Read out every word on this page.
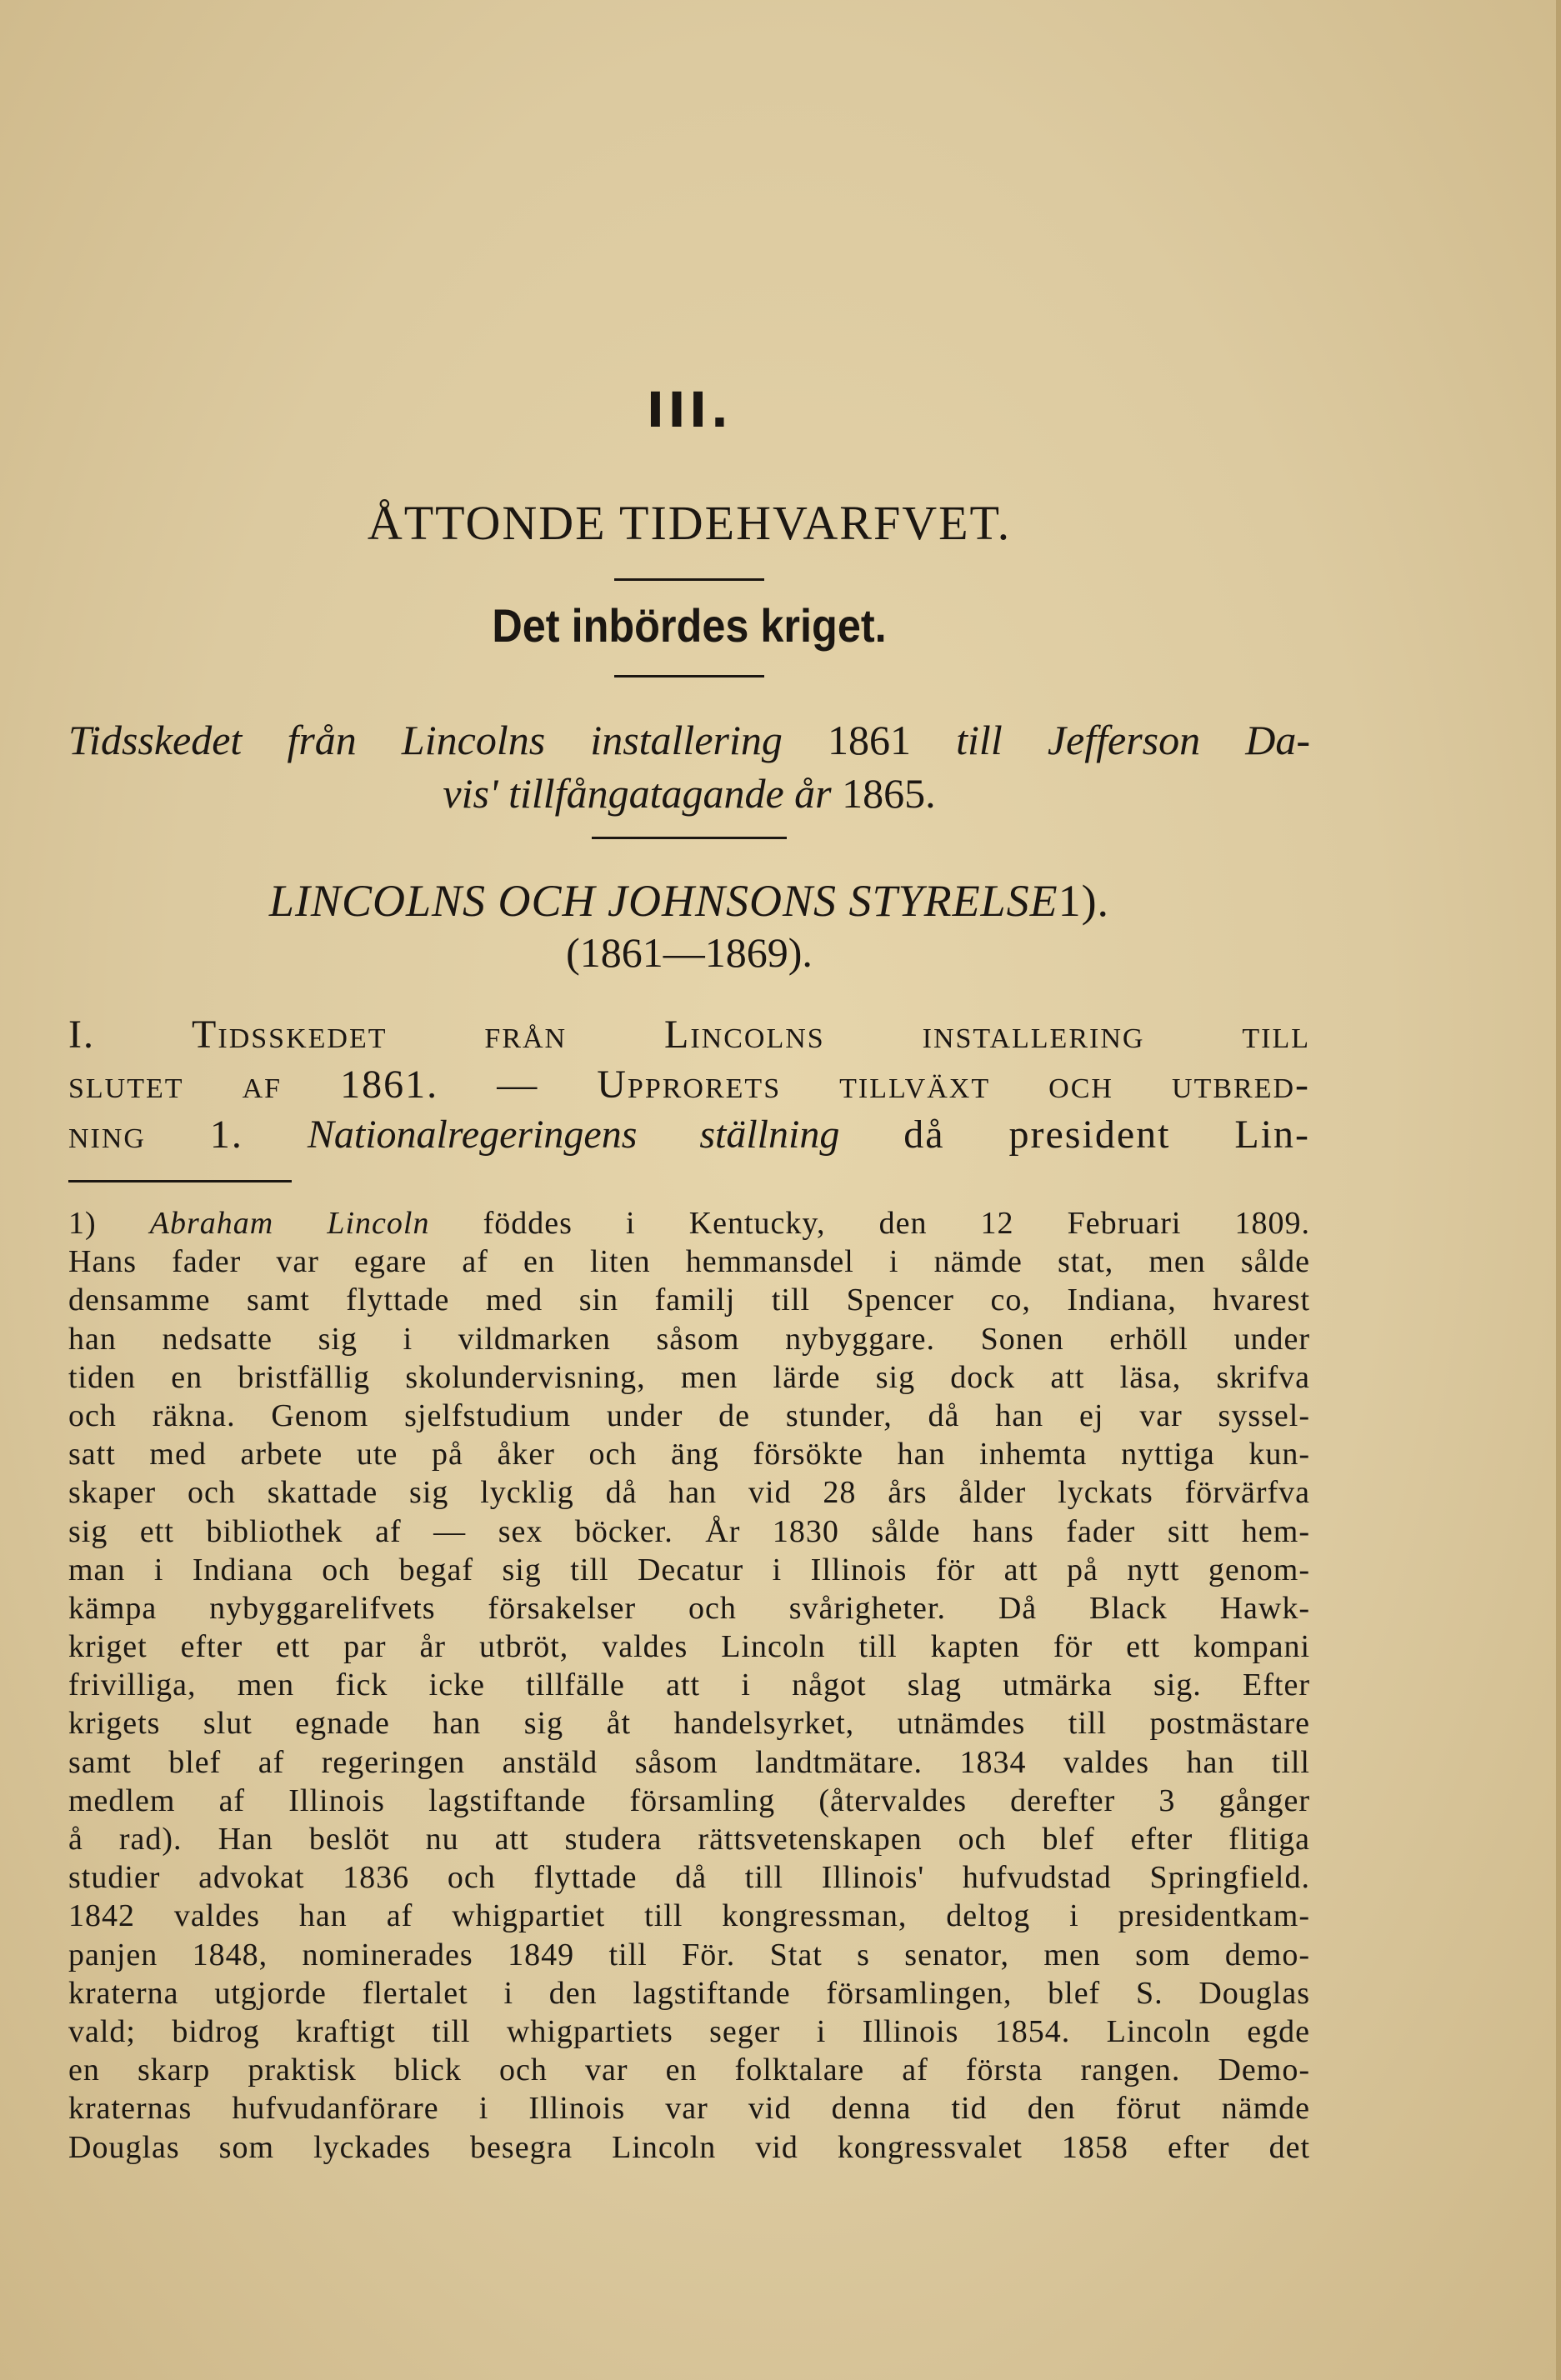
III.
ÅTTONDE TIDEHVARFVET.
Det inbördes kriget.
Tidsskedet från Lincolns installering 1861 till Jefferson Da-
vis' tillfångatagande år 1865.
LINCOLNS OCH JOHNSONS STYRELSE1).
(1861—1869).
I. Tidsskedet från Lincolns installering till
slutet af 1861. — Upprorets tillväxt och utbred-
ning 1. Nationalregeringens ställning då president Lin-
1) Abraham Lincoln föddes i Kentucky, den 12 Februari 1809.
Hans fader var egare af en liten hemmansdel i nämde stat, men sålde
densamme samt flyttade med sin familj till Spencer co, Indiana, hvarest
han nedsatte sig i vildmarken såsom nybyggare. Sonen erhöll under
tiden en bristfällig skolundervisning, men lärde sig dock att läsa, skrifva
och räkna. Genom sjelfstudium under de stunder, då han ej var syssel-
satt med arbete ute på åker och äng försökte han inhemta nyttiga kun-
skaper och skattade sig lycklig då han vid 28 års ålder lyckats förvärfva
sig ett bibliothek af — sex böcker. År 1830 sålde hans fader sitt hem-
man i Indiana och begaf sig till Decatur i Illinois för att på nytt genom-
kämpa nybyggarelifvets försakelser och svårigheter. Då Black Hawk-
kriget efter ett par år utbröt, valdes Lincoln till kapten för ett kompani
frivilliga, men fick icke tillfälle att i något slag utmärka sig. Efter
krigets slut egnade han sig åt handelsyrket, utnämdes till postmästare
samt blef af regeringen anstäld såsom landtmätare. 1834 valdes han till
medlem af Illinois lagstiftande församling (återvaldes derefter 3 gånger
å rad). Han beslöt nu att studera rättsvetenskapen och blef efter flitiga
studier advokat 1836 och flyttade då till Illinois' hufvudstad Springfield.
1842 valdes han af whigpartiet till kongressman, deltog i presidentkam-
panjen 1848, nominerades 1849 till För. Stat s senator, men som demo-
kraterna utgjorde flertalet i den lagstiftande församlingen, blef S. Douglas
vald; bidrog kraftigt till whigpartiets seger i Illinois 1854. Lincoln egde
en skarp praktisk blick och var en folktalare af första rangen. Demo-
kraternas hufvudanförare i Illinois var vid denna tid den förut nämde
Douglas som lyckades besegra Lincoln vid kongressvalet 1858 efter det
